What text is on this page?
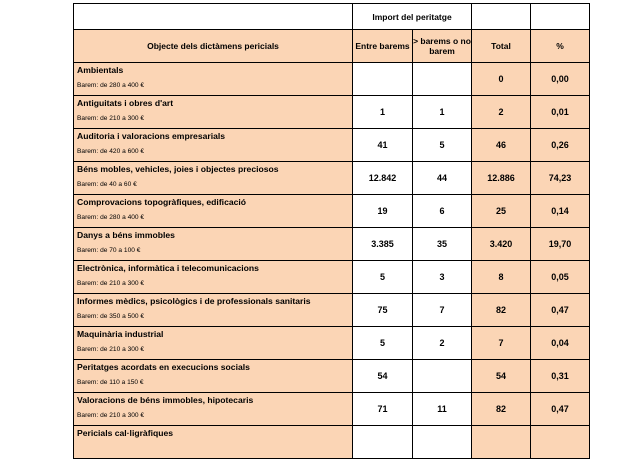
	Import del peritatge			
Objecte dels dictàmens pericials	Entre barems	> barems o no barem	Total	%

Ambientals
Barem: de 280 a 400 €			0	0,00

Antiguitats i obres d'art
Barem: de 210 a 300 €	1	1	2	0,01

Auditoria i valoracions empresarials
Barem: de 420 a 600 €	41	5	46	0,26

Béns mobles, vehicles, joies i objectes preciosos
Barem: de 40 a 60 €	12.842	44	12.886	74,23

Comprovacions topogràfiques, edificació
Barem: de 280 a 400 €	19	6	25	0,14

Danys a béns immobles
Barem: de 70 a 100 €	3.385	35	3.420	19,70

Electrònica, informàtica i telecomunicacions
Barem: de 210 a 300 €	5	3	8	0,05

Informes mèdics, psicològics i de professionals sanitaris
Barem: de 350 a 500 €	75	7	82	0,47

Maquinària industrial
Barem: de 210 a 300 €	5	2	7	0,04

Peritatges acordats en execucions socials
Barem: de 110 a 150 €	54		54	0,31

Valoracions de béns immobles, hipotecaris
Barem: de 210 a 300 €	71	11	82	0,47

Pericials cal·ligràfiques				
